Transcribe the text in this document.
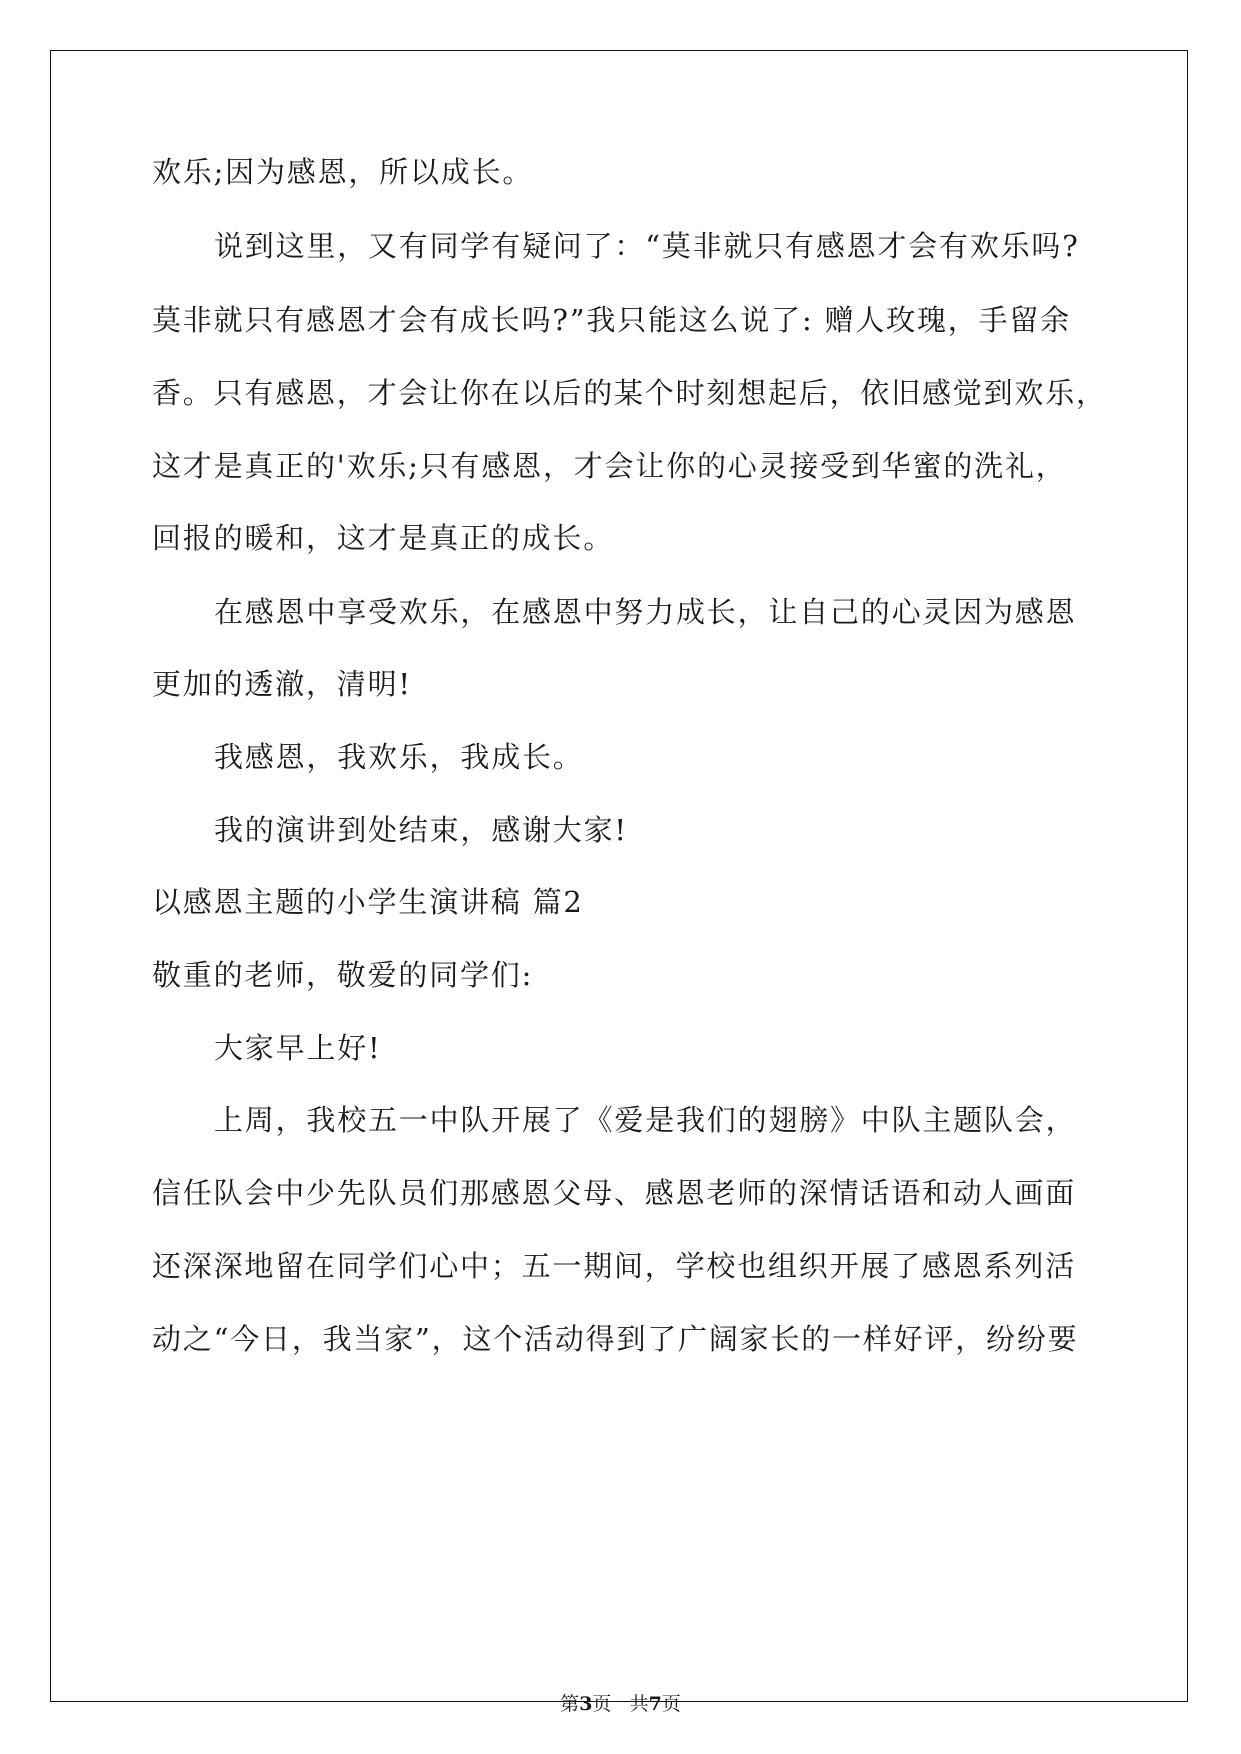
欢乐;因为感恩，所以成长。
说到这里，又有同学有疑问了：“莫非就只有感恩才会有欢乐吗?
莫非就只有感恩才会有成长吗?”我只能这么说了: 赠人玫瑰，手留余
香。只有感恩，才会让你在以后的某个时刻想起后，依旧感觉到欢乐，
这才是真正的'欢乐;只有感恩，才会让你的心灵接受到华蜜的洗礼，
回报的暖和，这才是真正的成长。
在感恩中享受欢乐，在感恩中努力成长，让自己的心灵因为感恩
更加的透澈，清明!
我感恩，我欢乐，我成长。
我的演讲到处结束，感谢大家!
以感恩主题的小学生演讲稿 篇2
敬重的老师，敬爱的同学们:
大家早上好!
上周，我校五一中队开展了《爱是我们的翅膀》中队主题队会，
信任队会中少先队员们那感恩父母、感恩老师的深情话语和动人画面
还深深地留在同学们心中；五一期间，学校也组织开展了感恩系列活
动之“今日，我当家”，这个活动得到了广阔家长的一样好评，纷纷要
第3页 共7页
